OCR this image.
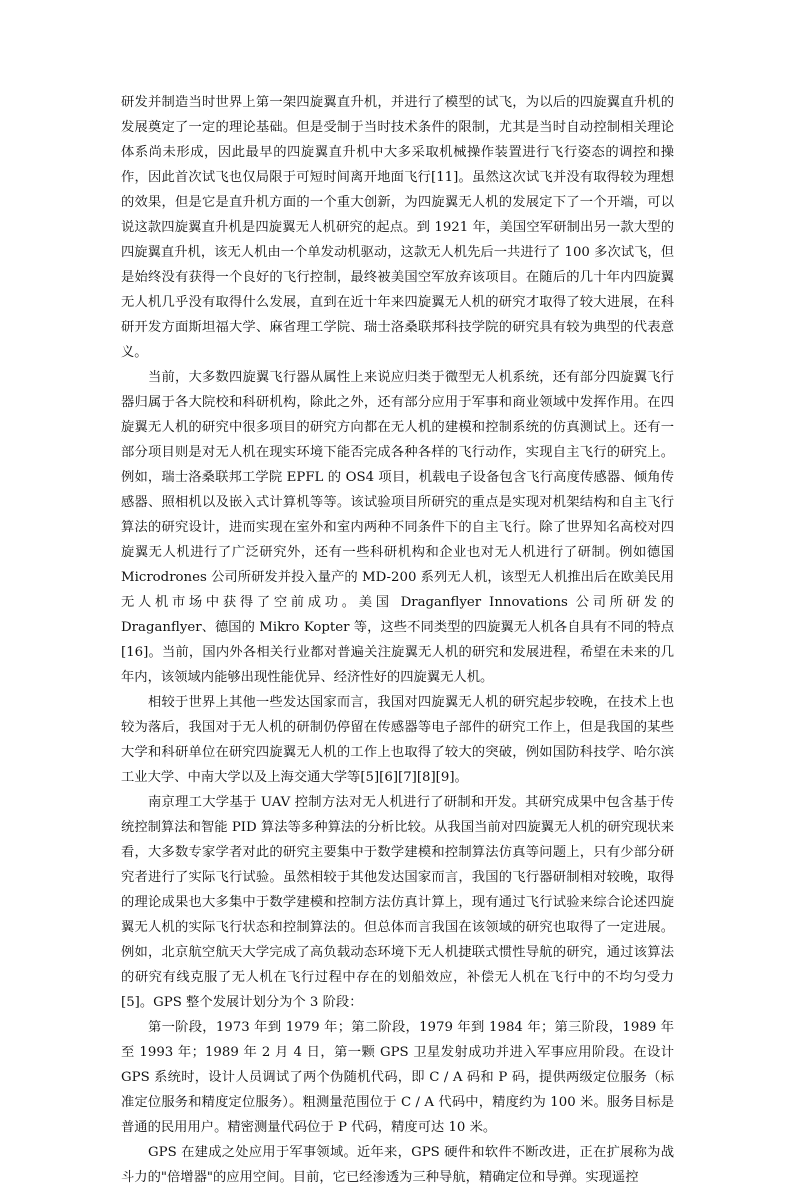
研发并制造当时世界上第一架四旋翼直升机，并进行了模型的试飞，为以后的四旋翼直升机的发展奠定了一定的理论基础。但是受制于当时技术条件的限制，尤其是当时自动控制相关理论体系尚未形成，因此最早的四旋翼直升机中大多采取机械操作装置进行飞行姿态的调控和操作，因此首次试飞也仅局限于可短时间离开地面飞行[11]。虽然这次试飞并没有取得较为理想的效果，但是它是直升机方面的一个重大创新，为四旋翼无人机的发展定下了一个开端，可以说这款四旋翼直升机是四旋翼无人机研究的起点。到 1921 年，美国空军研制出另一款大型的四旋翼直升机，该无人机由一个单发动机驱动，这款无人机先后一共进行了 100 多次试飞，但是始终没有获得一个良好的飞行控制，最终被美国空军放弃该项目。在随后的几十年内四旋翼无人机几乎没有取得什么发展，直到在近十年来四旋翼无人机的研究才取得了较大进展，在科研开发方面斯坦福大学、麻省理工学院、瑞士洛桑联邦科技学院的研究具有较为典型的代表意义。

当前，大多数四旋翼飞行器从属性上来说应归类于微型无人机系统，还有部分四旋翼飞行器归属于各大院校和科研机构，除此之外，还有部分应用于军事和商业领域中发挥作用。在四旋翼无人机的研究中很多项目的研究方向都在无人机的建模和控制系统的仿真测试上。还有一部分项目则是对无人机在现实环境下能否完成各种各样的飞行动作，实现自主飞行的研究上。例如，瑞士洛桑联邦工学院 EPFL 的 OS4 项目，机载电子设备包含飞行高度传感器、倾角传感器、照相机以及嵌入式计算机等等。该试验项目所研究的重点是实现对机架结构和自主飞行算法的研究设计，进而实现在室外和室内两种不同条件下的自主飞行。除了世界知名高校对四旋翼无人机进行了广泛研究外，还有一些科研机构和企业也对无人机进行了研制。例如德国 Microdrones 公司所研发并投入量产的 MD-200 系列无人机，该型无人机推出后在欧美民用无人机市场中获得了空前成功。美国 Draganflyer Innovations 公司所研发的 Draganflyer、德国的 Mikro Kopter 等，这些不同类型的四旋翼无人机各自具有不同的特点[16]。当前，国内外各相关行业都对普遍关注旋翼无人机的研究和发展进程，希望在未来的几年内，该领域内能够出现性能优异、经济性好的四旋翼无人机。

相较于世界上其他一些发达国家而言，我国对四旋翼无人机的研究起步较晚，在技术上也较为落后，我国对于无人机的研制仍停留在传感器等电子部件的研究工作上，但是我国的某些大学和科研单位在研究四旋翼无人机的工作上也取得了较大的突破，例如国防科技学、哈尔滨工业大学、中南大学以及上海交通大学等[5][6][7][8][9]。

南京理工大学基于 UAV 控制方法对无人机进行了研制和开发。其研究成果中包含基于传统控制算法和智能 PID 算法等多种算法的分析比较。从我国当前对四旋翼无人机的研究现状来看，大多数专家学者对此的研究主要集中于数学建模和控制算法仿真等问题上，只有少部分研究者进行了实际飞行试验。虽然相较于其他发达国家而言，我国的飞行器研制相对较晚，取得的理论成果也大多集中于数学建模和控制方法仿真计算上，现有通过飞行试验来综合论述四旋翼无人机的实际飞行状态和控制算法的。但总体而言我国在该领域的研究也取得了一定进展。例如，北京航空航天大学完成了高负载动态环境下无人机捷联式惯性导航的研究，通过该算法的研究有线克服了无人机在飞行过程中存在的划船效应，补偿无人机在飞行中的不均匀受力[5]。GPS 整个发展计划分为个 3 阶段：

第一阶段，1973 年到 1979 年；第二阶段，1979 年到 1984 年；第三阶段，1989 年至 1993 年；1989 年 2 月 4 日，第一颗 GPS 卫星发射成功并进入军事应用阶段。在设计 GPS 系统时，设计人员调试了两个伪随机代码，即 C / A 码和 P 码，提供两级定位服务（标准定位服务和精度定位服务）。粗测量范围位于 C / A 代码中，精度约为 100 米。服务目标是普通的民用用户。精密测量代码位于 P 代码，精度可达 10 米。

GPS 在建成之处应用于军事领域。近年来，GPS 硬件和软件不断改进，正在扩展称为战斗力的"倍增器"的应用空间。目前，它已经渗透为三种导航，精确定位和导弹。实现遥控
